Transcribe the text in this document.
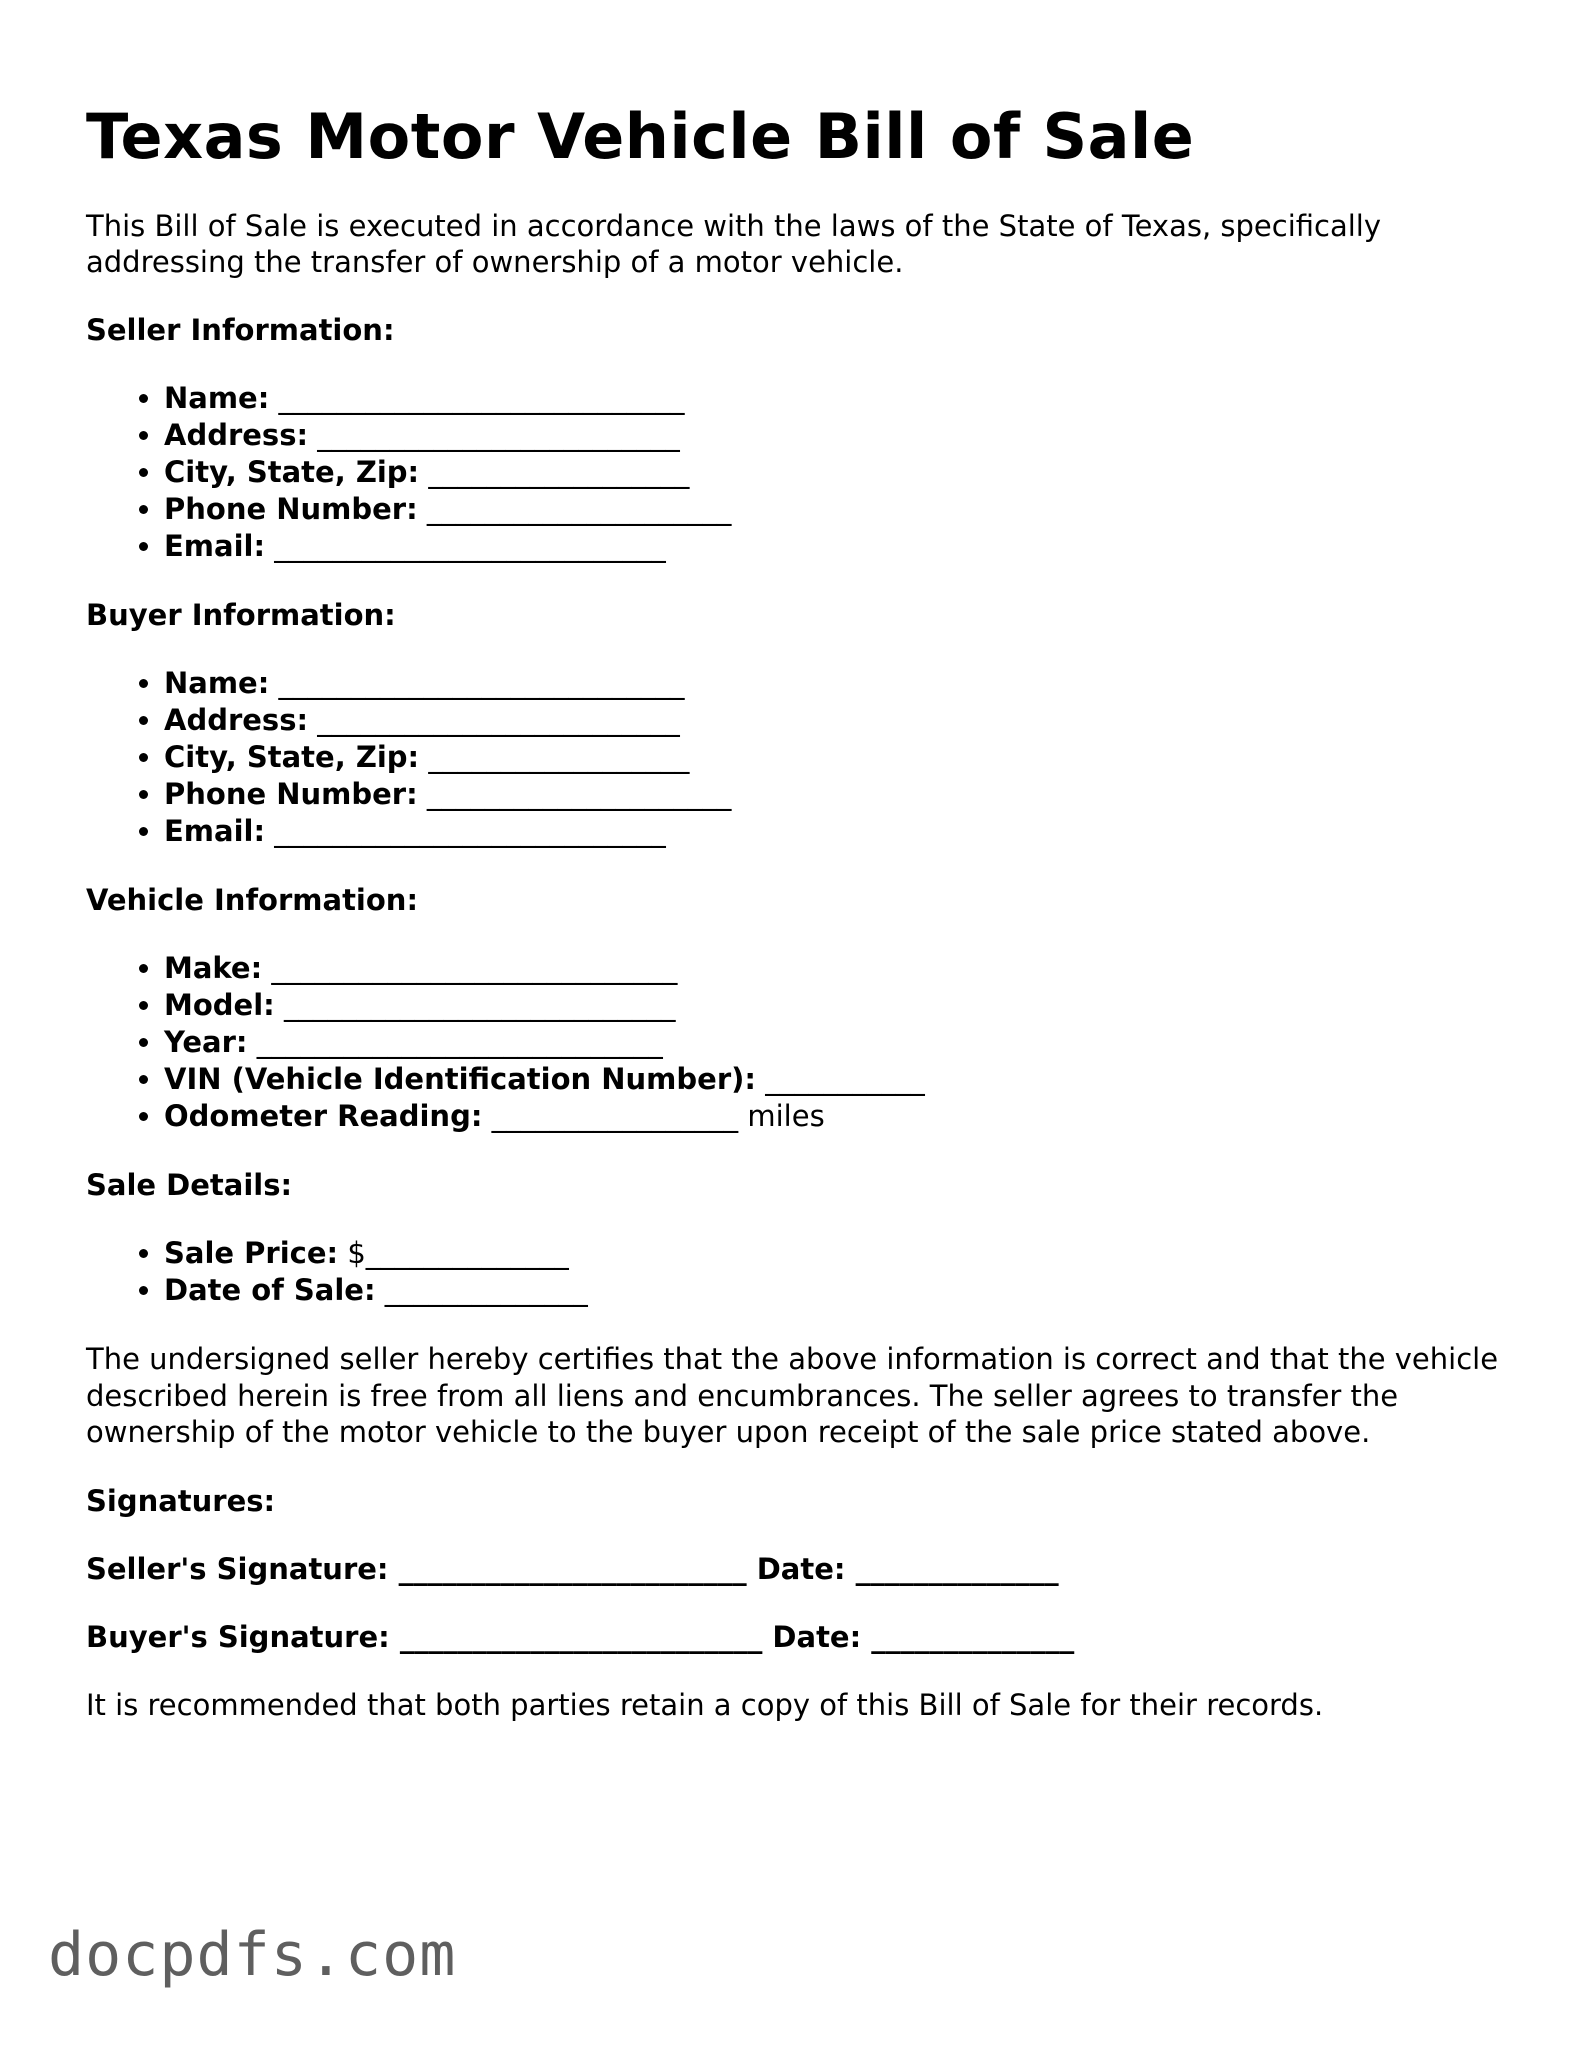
Texas Motor Vehicle Bill of Sale

This Bill of Sale is executed in accordance with the laws of the State of Texas, specifically addressing the transfer of ownership of a motor vehicle.

Seller Information:

• Name: ____________________________
• Address: _________________________
• City, State, Zip: __________________
• Phone Number: _____________________
• Email: ___________________________

Buyer Information:

• Name: ____________________________
• Address: _________________________
• City, State, Zip: __________________
• Phone Number: _____________________
• Email: ___________________________

Vehicle Information:

• Make: ____________________________
• Model: ___________________________
• Year: ____________________________
• VIN (Vehicle Identification Number): ___________
• Odometer Reading: _________________ miles

Sale Details:

• Sale Price: $______________
• Date of Sale: ______________

The undersigned seller hereby certifies that the above information is correct and that the vehicle described herein is free from all liens and encumbrances. The seller agrees to transfer the ownership of the motor vehicle to the buyer upon receipt of the sale price stated above.

Signatures:

Seller's Signature: ________________________ Date: ______________

Buyer's Signature: _________________________ Date: ______________

It is recommended that both parties retain a copy of this Bill of Sale for their records.

docpdfs.com
